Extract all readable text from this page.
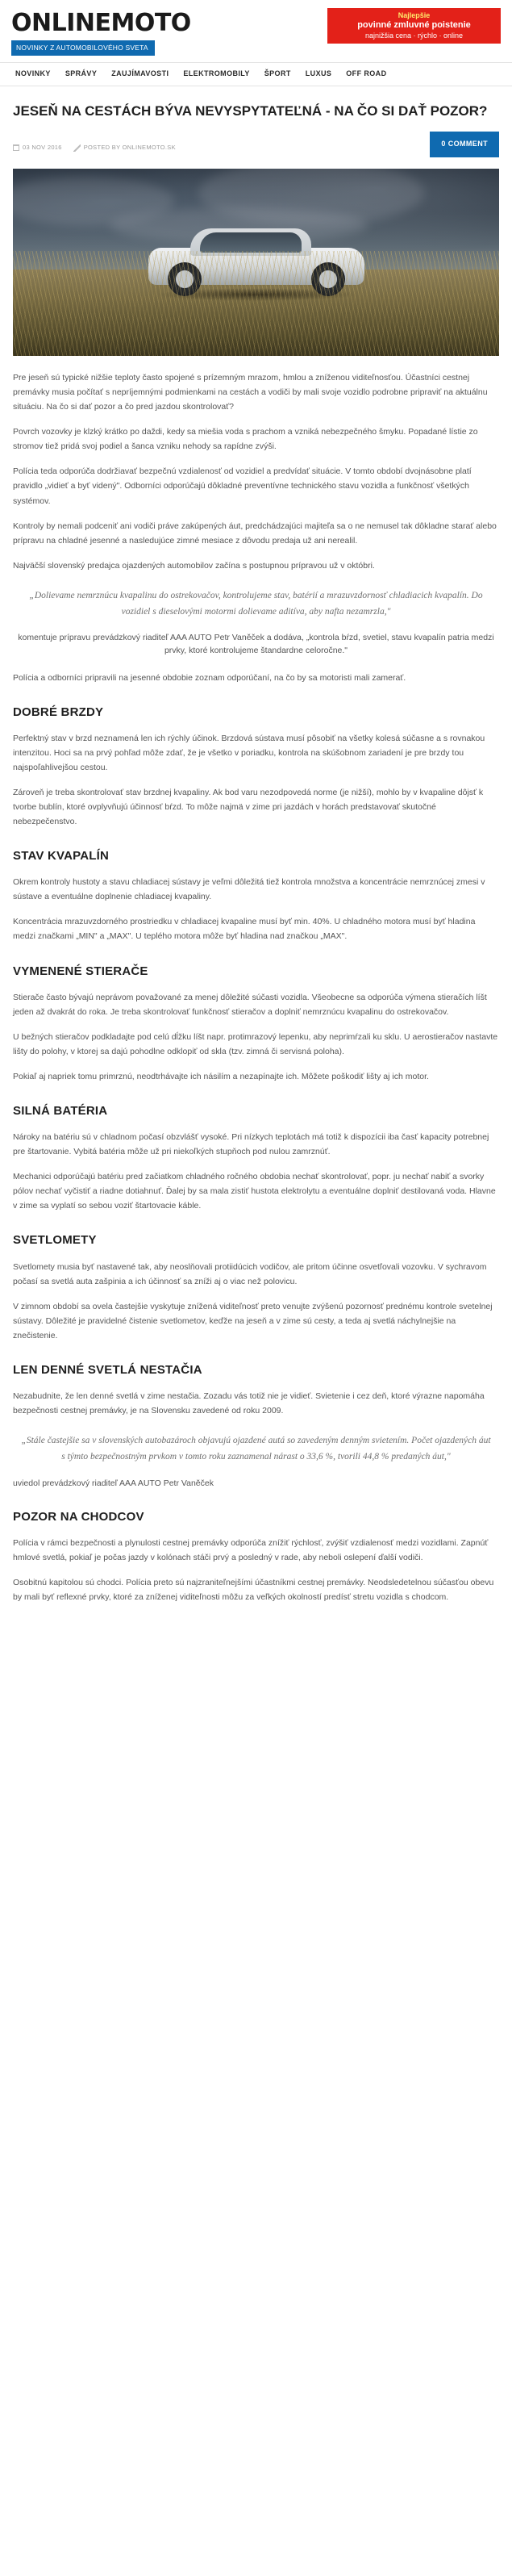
ONLINEMOTO
NOVINKY Z AUTOMOBILOVÉHO SVETA
Najlepšie
povinné zmluvné poistenie
najnižšia cena · rýchlo · online
NOVINKY	SPRÁVY	ZAUJÍMAVOSTI	ELEKTROMOBILY	ŠPORT	LUXUS	OFF ROAD
JESEŇ NA CESTÁCH BÝVA NEVYSPYTATEĽNÁ - NA ČO SI DAŤ POZOR?
03 NOV 2016	POSTED BY ONLINEMOTO.SK	0 COMMENT

Pre jeseň sú typické nižšie teploty často spojené s prízemným mrazom, hmlou a zníženou viditeľnosťou. Účastníci cestnej premávky musia počítať s nepríjemnými podmienkami na cestách a vodiči by mali svoje vozidlo podrobne pripraviť na aktuálnu situáciu. Na čo si dať pozor a čo pred jazdou skontrolovať?

Povrch vozovky je klzký krátko po daždi, kedy sa miešia voda s prachom a vzniká nebezpečného šmyku. Popadané lístie zo stromov tiež pridá svoj podiel a šanca vzniku nehody sa rapídne zvýši.

Polícia teda odporúča dodržiavať bezpečnú vzdialenosť od vozidiel a predvídať situácie. V tomto období dvojnásobne platí pravidlo „vidieť a byť videný". Odborníci odporúčajú dôkladné preventívne technického stavu vozidla a funkčnosť všetkých systémov.

Kontroly by nemali podceniť ani vodiči práve zakúpených áut, predchádzajúci majiteľa sa o ne nemusel tak dôkladne starať alebo prípravu na chladné jesenné a nasledujúce zimné mesiace z dôvodu predaja už ani nerealil.

Najväčší slovenský predajca ojazdených automobilov začína s postupnou prípravou už v októbri.

„Dolievame nemrznúcu kvapalinu do ostrekovačov, kontrolujeme stav, batérií a mrazuvzdornosť chladiacich kvapalín. Do vozidiel s dieselovými motormi dolievame aditíva, aby nafta nezamrzla,"
komentuje prípravu prevádzkový riaditeľ AAA AUTO Petr Vaněček a dodáva, „kontrola bŕzd, svetiel, stavu kvapalín patria medzi prvky, ktoré kontrolujeme štandardne celoročne."

Polícia a odborníci pripravili na jesenné obdobie zoznam odporúčaní, na čo by sa motoristi mali zamerať.

DOBRÉ BRZDY

Perfektný stav v brzd neznamená len ich rýchly účinok. Brzdová sústava musí pôsobiť na všetky kolesá súčasne a s rovnakou intenzitou. Hoci sa na prvý pohľad môže zdať, že je všetko v poriadku, kontrola na skúšobnom zariadení je pre brzdy tou najspoľahlivejšou cestou.

Zároveň je treba skontrolovať stav brzdnej kvapaliny. Ak bod varu nezodpovedá norme (je nižší), mohlo by v kvapaline dôjsť k tvorbe bublín, ktoré ovplyvňujú účinnosť bŕzd. To môže najmä v zime pri jazdách v horách predstavovať skutočné nebezpečenstvo.

STAV KVAPALÍN

Okrem kontroly hustoty a stavu chladiacej sústavy je veľmi dôležitá tiež kontrola množstva a koncentrácie nemrznúcej zmesi v sústave a eventuálne doplnenie chladiacej kvapaliny.

Koncentrácia mrazuvzdorného prostriedku v chladiacej kvapaline musí byť min. 40%. U chladného motora musí byť hladina medzi značkami „MIN" a „MAX". U teplého motora môže byť hladina nad značkou „MAX".

VYMENENÉ STIERAČE

Stierače často bývajú neprávom považované za menej dôležité súčasti vozidla. Všeobecne sa odporúča výmena stieračích líšt jeden až dvakrát do roka. Je treba skontrolovať funkčnosť stieračov a doplniť nemrznúcu kvapalinu do ostrekovačov.

U bežných stieračov podkladajte pod celú dĺžku líšt napr. protimrazový lepenku, aby neprimŕzali ku sklu. U aerostieračov nastavte lišty do polohy, v ktorej sa dajú pohodlne odklopiť od skla (tzv. zimná či servisná poloha).

Pokiaľ aj napriek tomu primrznú, neodtrhávajte ich násilím a nezapínajte ich. Môžete poškodiť lišty aj ich motor.

SILNÁ BATÉRIA

Nároky na batériu sú v chladnom počasí obzvlášť vysoké. Pri nízkych teplotách má totiž k dispozícii iba časť kapacity potrebnej pre štartovanie. Vybitá batéria môže už pri niekoľkých stupňoch pod nulou zamrznúť.

Mechanici odporúčajú batériu pred začiatkom chladného ročného obdobia nechať skontrolovať, popr. ju nechať nabiť a svorky pólov nechať vyčistiť a riadne dotiahnuť. Ďalej by sa mala zistiť hustota elektrolytu a eventuálne doplniť destilovaná voda. Hlavne v zime sa vyplatí so sebou voziť štartovacie káble.

SVETLOMETY

Svetlomety musia byť nastavené tak, aby neoslňovali protiidúcich vodičov, ale pritom účinne osvetľovali vozovku. V sychravom počasí sa svetlá auta zašpinia a ich účinnosť sa zníži aj o viac než polovicu.

V zimnom období sa ovela častejšie vyskytuje znížená viditeľnosť preto venujte zvýšenú pozornosť prednému kontrole svetelnej sústavy. Dôležité je pravidelné čistenie svetlometov, keďže na jeseň a v zime sú cesty, a teda aj svetlá náchylnejšie na znečistenie.

LEN DENNÉ SVETLÁ NESTAČIA

Nezabudnite, že len denné svetlá v zime nestačia. Zozadu vás totiž nie je vidieť. Svietenie i cez deň, ktoré výrazne napomáha bezpečnosti cestnej premávky, je na Slovensku zavedené od roku 2009.

„Stále častejšie sa v slovenských autobazároch objavujú ojazdené autá so zavedeným denným svietením. Počet ojazdených áut s týmto bezpečnostným prvkom v tomto roku zaznamenal nárast o 33,6 %, tvorili 44,8 % predaných áut,"
uviedol prevádzkový riaditeľ AAA AUTO Petr Vaněček
POZOR NA CHODCOV

Polícia v rámci bezpečnosti a plynulosti cestnej premávky odporúča znížiť rýchlosť, zvýšiť vzdialenosť medzi vozidlami. Zapnúť hmlové svetlá, pokiaľ je počas jazdy v kolónach stáči prvý a posledný v rade, aby neboli oslepení ďalší vodiči.

Osobitnú kapitolou sú chodci. Polícia preto sú najzraniteľnejšími účastníkmi cestnej premávky. Neodsledetelnou súčasťou obevu by mali byť reflexné prvky, ktoré za zníženej viditeľnosti môžu za veľkých okolností predísť stretu vozidla s chodcom.
